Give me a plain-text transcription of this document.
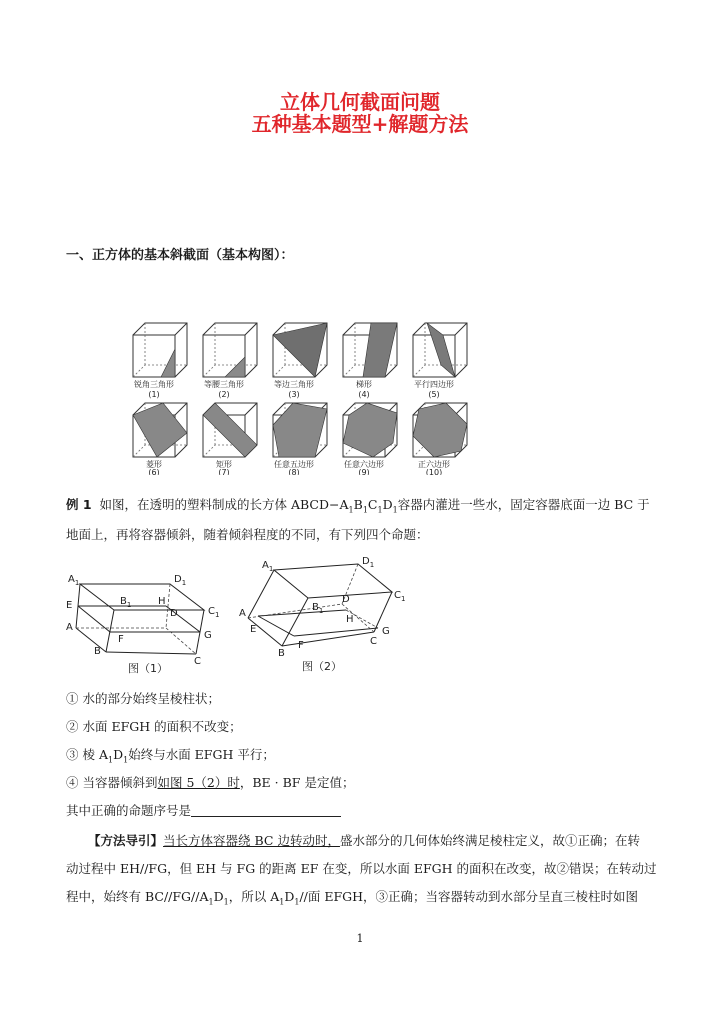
立体几何截面问题
五种基本题型+解题方法
一、正方体的基本斜截面（基本构图）：
锐角三角形
(1)
等腰三角形
(2)
等边三角形
(3)
梯形
(4)
平行四边形
(5)
菱形
(6)
矩形
(7)
任意五边形
(8)
任意六边形
(9)
正六边形
(10)
例 1 如图，在透明的塑料制成的长方体 $ABCD-A_1B_1C_1D_1$容器内灌进一些水，固定容器底面一边 BC 于
地面上，再将容器倾斜，随着倾斜程度的不同，有下列四个命题：
$A_1$	$D_1$
$B_1$
$C_1$
E	H
D
A
F	G
B
C
图（1）
$A_1$
$D_1$
$B_1$
$C_1$
A
E
D
H
F
G
B
C
图（2）
① 水的部分始终呈棱柱状；
② 水面 EFGH 的面积不改变；
③ 棱 $A_1D_1$始终与水面 EFGH 平行；
④ 当容器倾斜到如图 5（2）时，BE · BF 是定值；
其中正确的命题序号是
【方法导引】当长方体容器绕 BC 边转动时，盛水部分的几何体始终满足棱柱定义，故①正确；在转
动过程中 EH//FG，但 EH 与 FG 的距离 EF 在变，所以水面 EFGH 的面积在改变，故②错误；在转动过
程中，始终有 $BC//FG//A_1D_1$，所以 $A_1D_1//$面 EFGH，③正确；当容器转动到水部分呈直三棱柱时如图
1
